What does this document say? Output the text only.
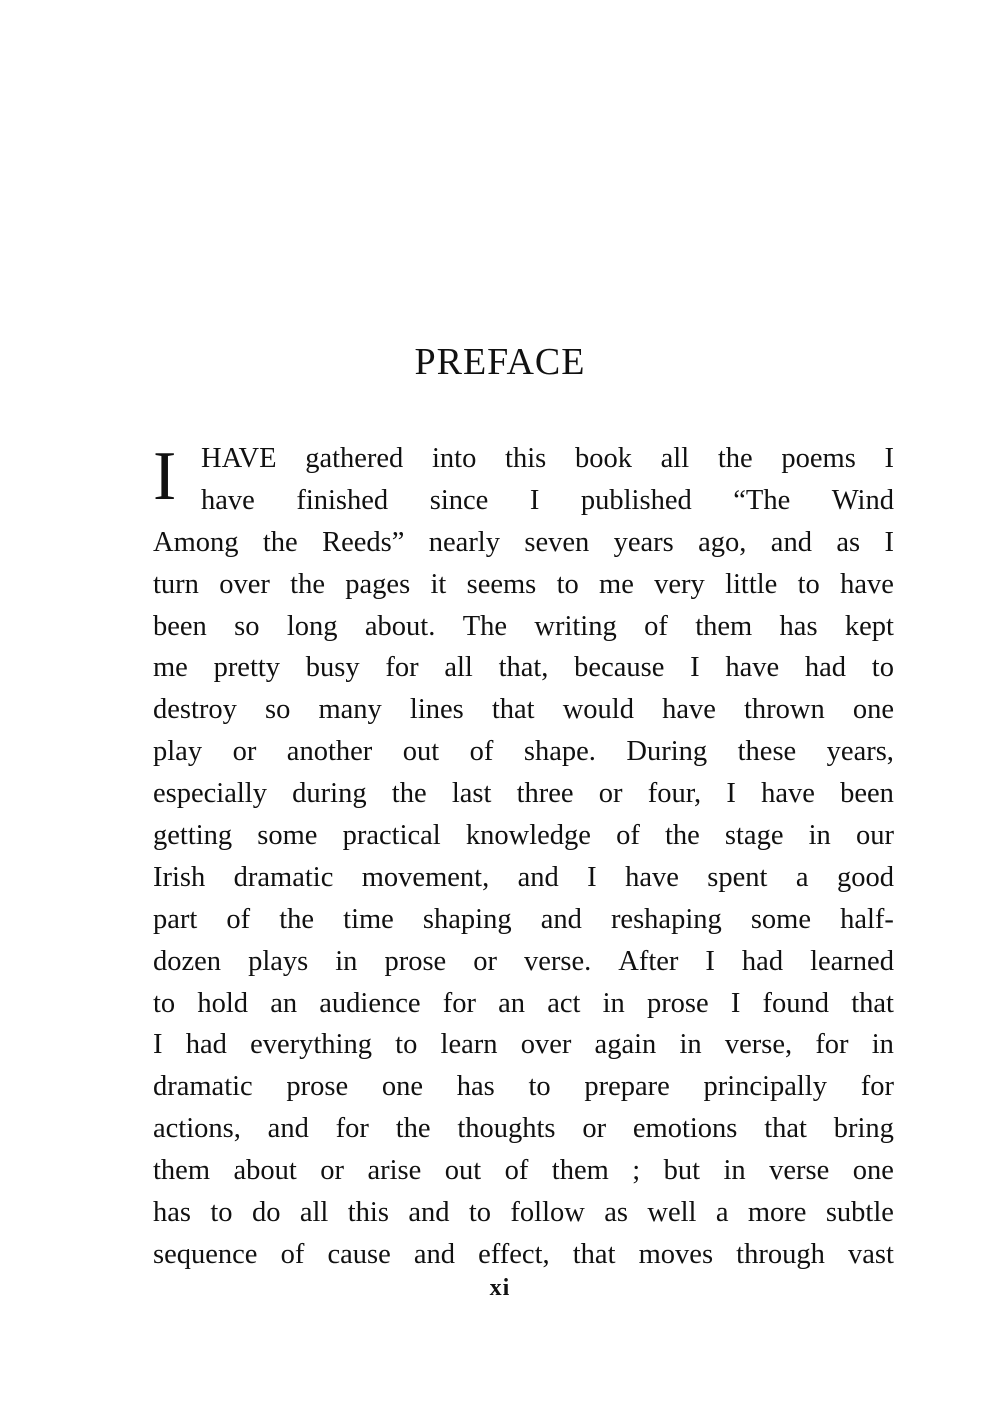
PREFACE
I HAVE gathered into this book all the poems I
have finished since I published “The Wind
Among the Reeds” nearly seven years ago, and as I
turn over the pages it seems to me very little to have
been so long about. The writing of them has kept
me pretty busy for all that, because I have had to
destroy so many lines that would have thrown one
play or another out of shape. During these years,
especially during the last three or four, I have been
getting some practical knowledge of the stage in our
Irish dramatic movement, and I have spent a good
part of the time shaping and reshaping some half-
dozen plays in prose or verse. After I had learned
to hold an audience for an act in prose I found that
I had everything to learn over again in verse, for in
dramatic prose one has to prepare principally for
actions, and for the thoughts or emotions that bring
them about or arise out of them ; but in verse one
has to do all this and to follow as well a more subtle
sequence of cause and effect, that moves through vast
xi
